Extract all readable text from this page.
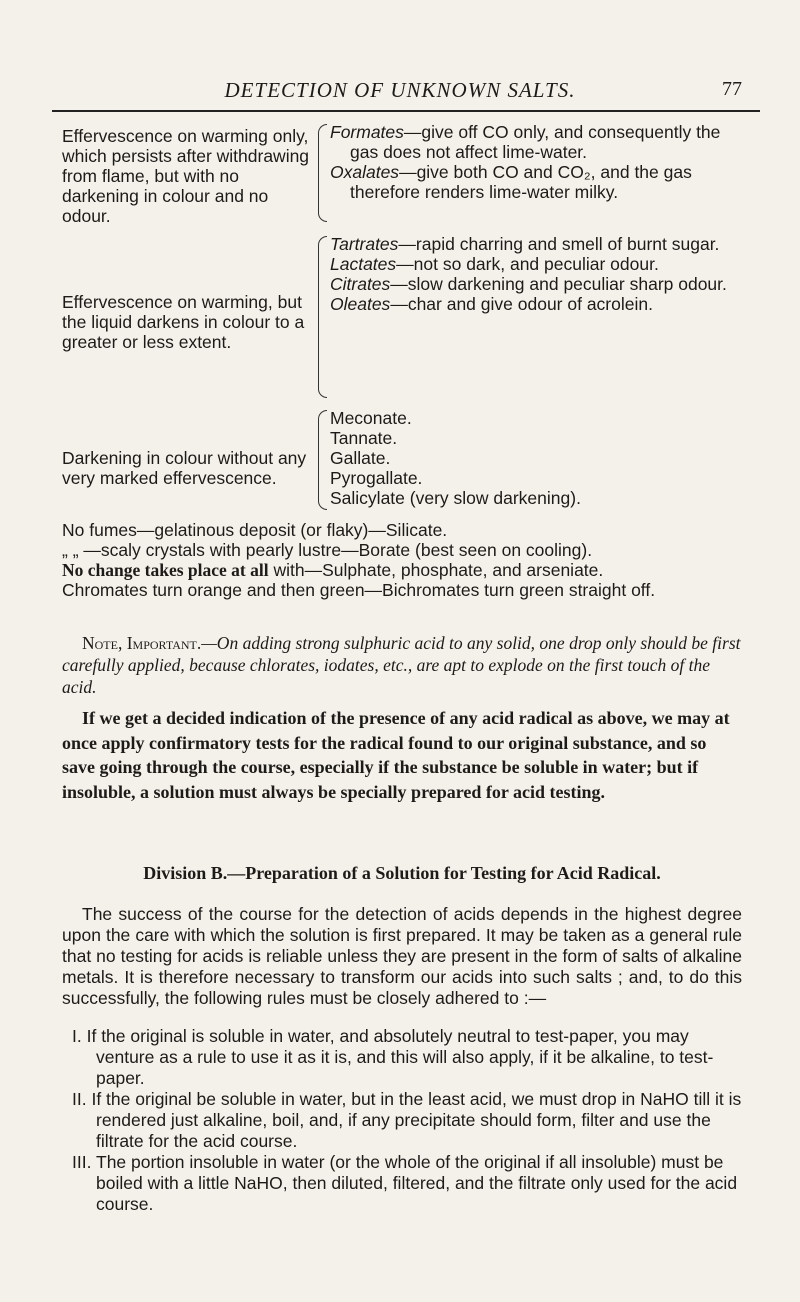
DETECTION OF UNKNOWN SALTS.	77
Effervescence on warming only, which persists after withdrawing from flame, but with no darkening in colour and no odour.
Formates—give off CO only, and consequently the gas does not affect lime-water.
Oxalates—give both CO and CO₂, and the gas therefore renders lime-water milky.
Effervescence on warming, but the liquid darkens in colour to a greater or less extent.
Tartrates—rapid charring and smell of burnt sugar.
Lactates—not so dark, and peculiar odour.
Citrates—slow darkening and peculiar sharp odour.
Oleates—char and give odour of acrolein.
Darkening in colour without any very marked effervescence.
Meconate.
Tannate.
Gallate.
Pyrogallate.
Salicylate (very slow darkening).
No fumes—gelatinous deposit (or flaky)—Silicate.
„ „ —scaly crystals with pearly lustre—Borate (best seen on cooling).
No change takes place at all with—Sulphate, phosphate, and arseniate.
Chromates turn orange and then green—Bichromates turn green straight off.
Note, Important.—On adding strong sulphuric acid to any solid, one drop only should be first carefully applied, because chlorates, iodates, etc., are apt to explode on the first touch of the acid.
If we get a decided indication of the presence of any acid radical as above, we may at once apply confirmatory tests for the radical found to our original substance, and so save going through the course, especially if the substance be soluble in water; but if insoluble, a solution must always be specially prepared for acid testing.
Division B.—Preparation of a Solution for Testing for Acid Radical.
The success of the course for the detection of acids depends in the highest degree upon the care with which the solution is first prepared. It may be taken as a general rule that no testing for acids is reliable unless they are present in the form of salts of alkaline metals. It is therefore necessary to transform our acids into such salts ; and, to do this successfully, the following rules must be closely adhered to :—
I. If the original is soluble in water, and absolutely neutral to test-paper, you may venture as a rule to use it as it is, and this will also apply, if it be alkaline, to test-paper.
II. If the original be soluble in water, but in the least acid, we must drop in NaHO till it is rendered just alkaline, boil, and, if any precipitate should form, filter and use the filtrate for the acid course.
III. The portion insoluble in water (or the whole of the original if all insoluble) must be boiled with a little NaHO, then diluted, filtered, and the filtrate only used for the acid course.
